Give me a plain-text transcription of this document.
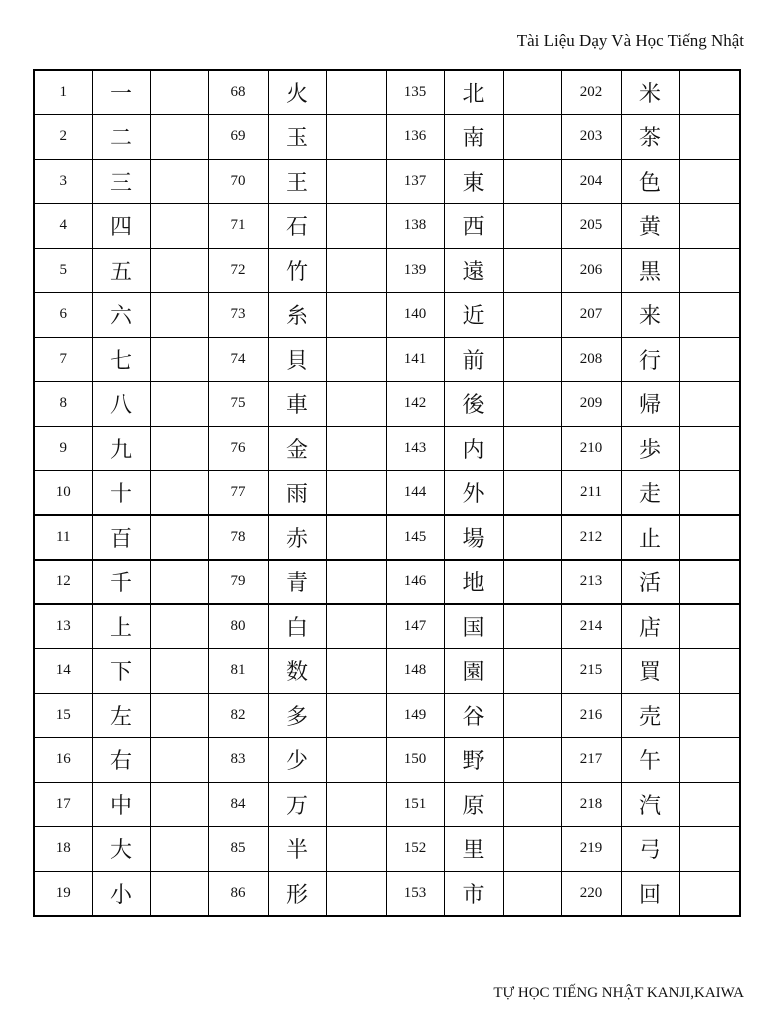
Tài Liệu Dạy Và Học Tiếng Nhật
1	一		68	火		135	北		202	米	
2	二		69	玉		136	南		203	茶	
3	三		70	王		137	東		204	色	
4	四		71	石		138	西		205	黄	
5	五		72	竹		139	遠		206	黒	
6	六		73	糸		140	近		207	来	
7	七		74	貝		141	前		208	行	
8	八		75	車		142	後		209	帰	
9	九		76	金		143	内		210	歩	
10	十		77	雨		144	外		211	走	
11	百		78	赤		145	場		212	止	
12	千		79	青		146	地		213	活	
13	上		80	白		147	国		214	店	
14	下		81	数		148	園		215	買	
15	左		82	多		149	谷		216	売	
16	右		83	少		150	野		217	午	
17	中		84	万		151	原		218	汽	
18	大		85	半		152	里		219	弓	
19	小		86	形		153	市		220	回	
TỰ HỌC TIẾNG NHẬT KANJI,KAIWA
